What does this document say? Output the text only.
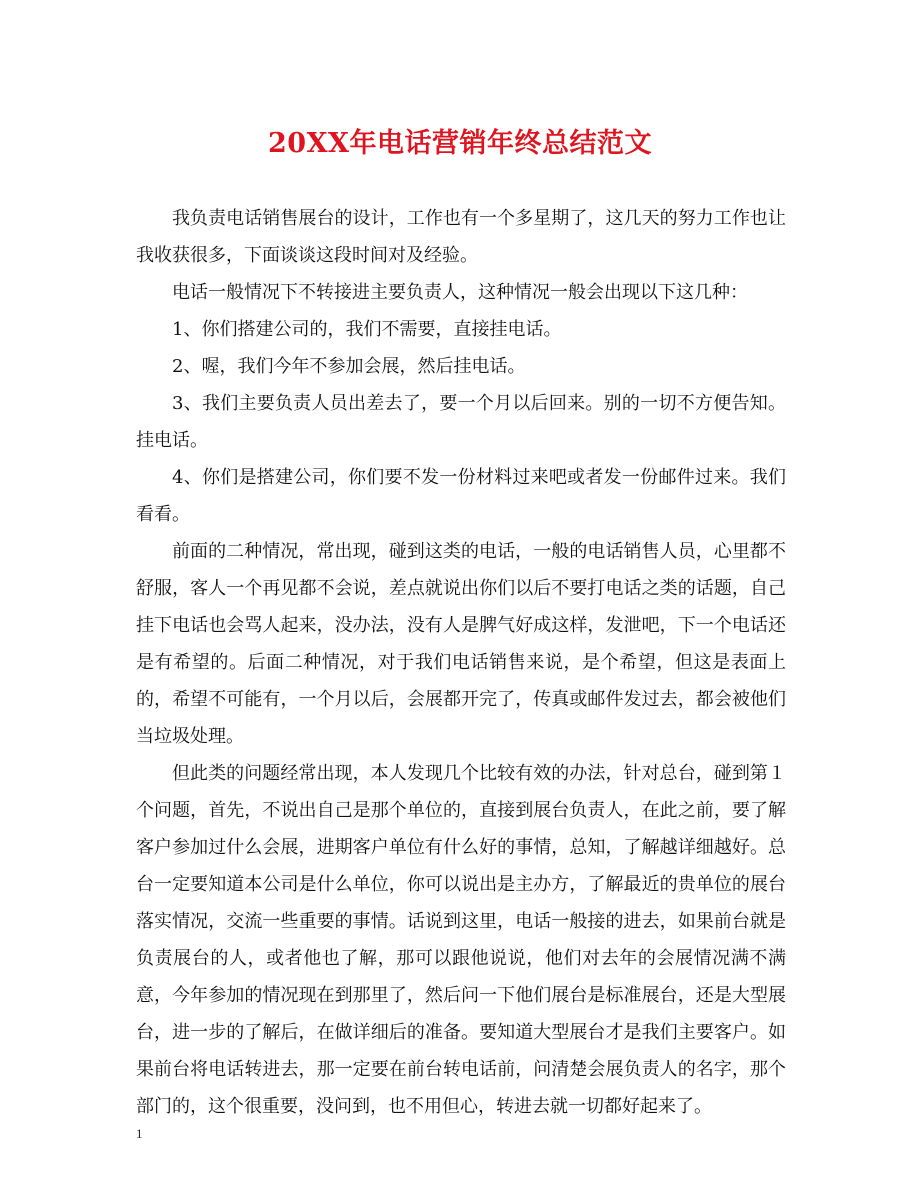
20XX年电话营销年终总结范文

我负责电话销售展台的设计，工作也有一个多星期了，这几天的努力工作也让我收获很多，下面谈谈这段时间对及经验。

电话一般情况下不转接进主要负责人，这种情况一般会出现以下这几种：

1、你们搭建公司的，我们不需要，直接挂电话。

2、喔，我们今年不参加会展，然后挂电话。

3、我们主要负责人员出差去了，要一个月以后回来。别的一切不方便告知。挂电话。

4、你们是搭建公司，你们要不发一份材料过来吧或者发一份邮件过来。我们看看。

前面的二种情况，常出现，碰到这类的电话，一般的电话销售人员，心里都不舒服，客人一个再见都不会说，差点就说出你们以后不要打电话之类的话题，自己挂下电话也会骂人起来，没办法，没有人是脾气好成这样，发泄吧，下一个电话还是有希望的。后面二种情况，对于我们电话销售来说，是个希望，但这是表面上的，希望不可能有，一个月以后，会展都开完了，传真或邮件发过去，都会被他们当垃圾处理。

但此类的问题经常出现，本人发现几个比较有效的办法，针对总台，碰到第１个问题，首先，不说出自己是那个单位的，直接到展台负责人，在此之前，要了解客户参加过什么会展，进期客户单位有什么好的事情，总知，了解越详细越好。总台一定要知道本公司是什么单位，你可以说出是主办方，了解最近的贵单位的展台落实情况，交流一些重要的事情。话说到这里，电话一般接的进去，如果前台就是负责展台的人，或者他也了解，那可以跟他说说，他们对去年的会展情况满不满意，今年参加的情况现在到那里了，然后问一下他们展台是标准展台，还是大型展台，进一步的了解后，在做详细后的准备。要知道大型展台才是我们主要客户。如果前台将电话转进去，那一定要在前台转电话前，问清楚会展负责人的名字，那个部门的，这个很重要，没问到，也不用但心，转进去就一切都好起来了。

1
